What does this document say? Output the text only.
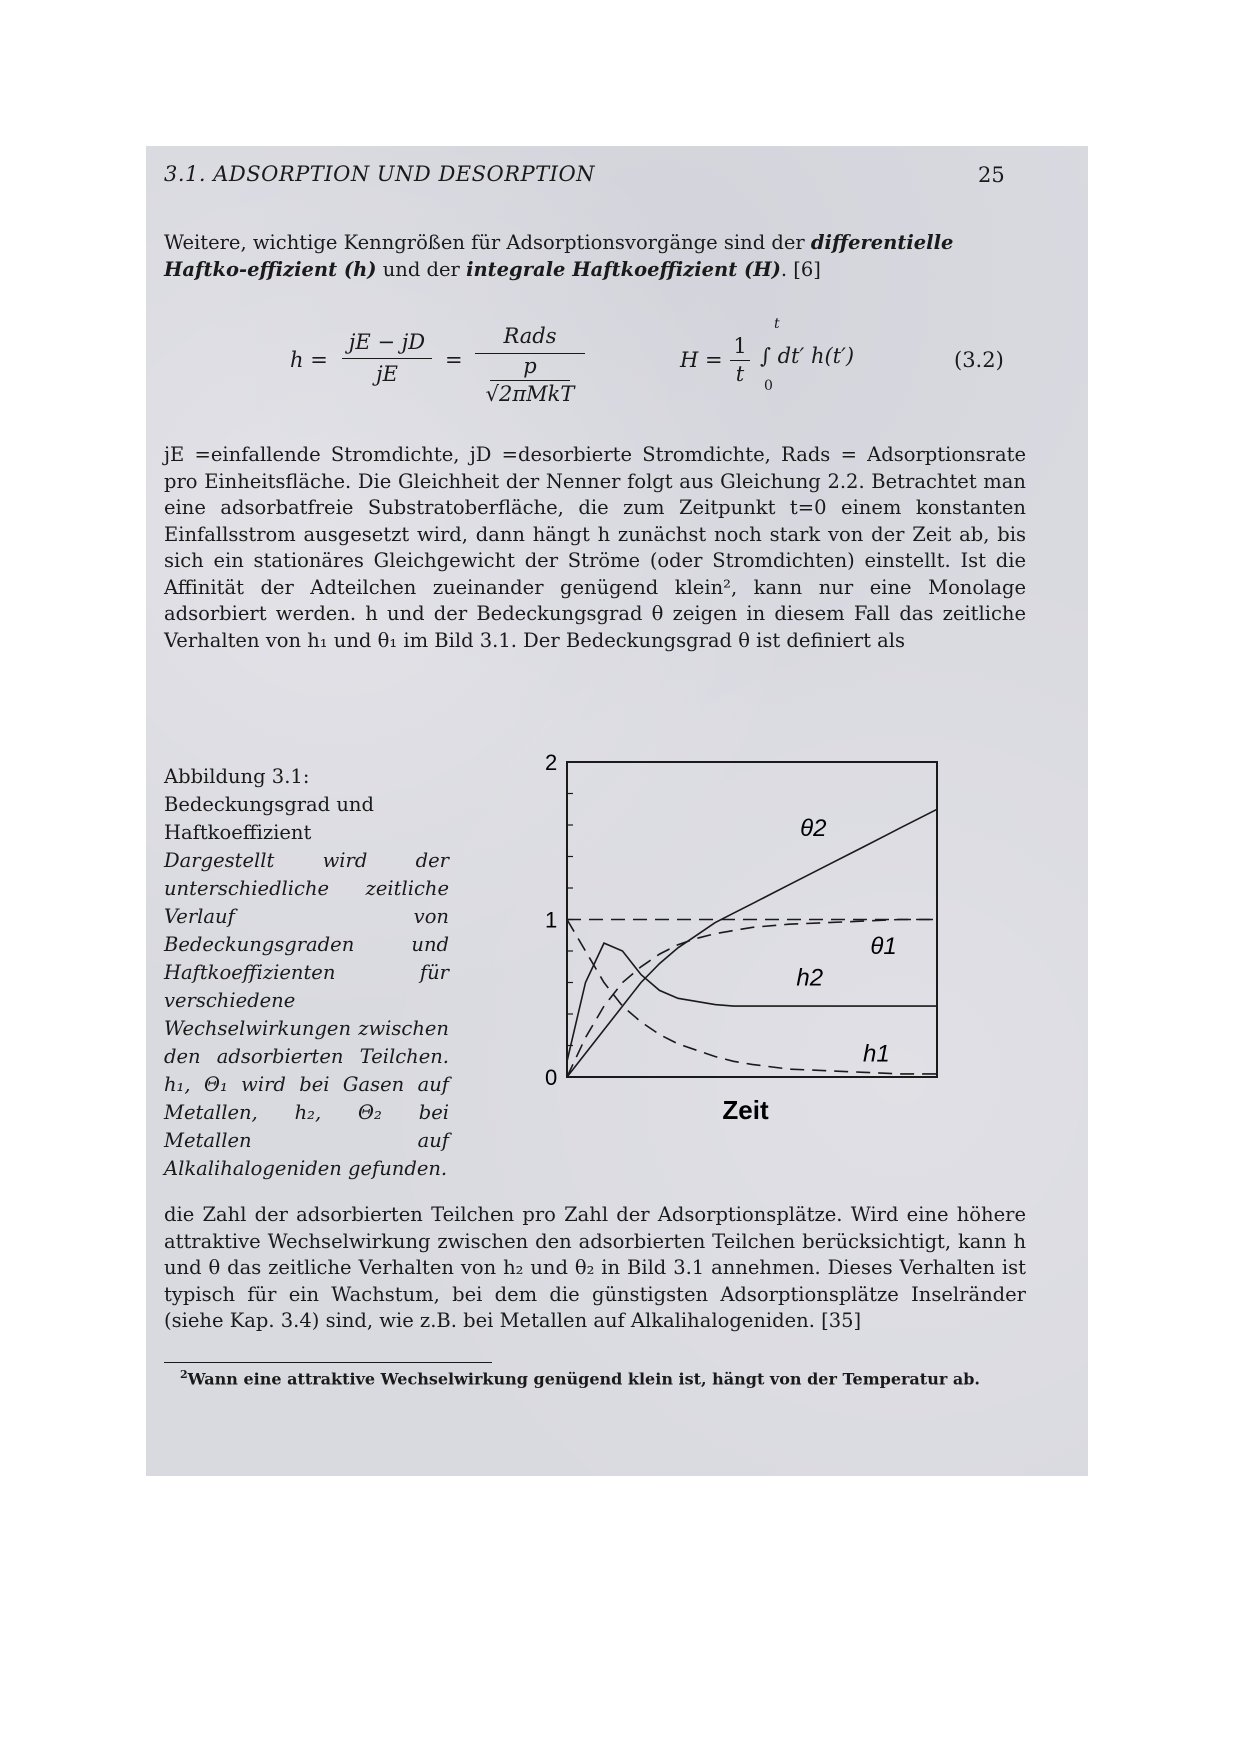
3.1. ADSORPTION UND DESORPTION	25
Weitere, wichtige Kenngrößen für Adsorptionsvorgänge sind der differentielle Haftko-effizient (h) und der integrale Haftkoeffizient (H). [6]
h =
jE − jD
jE
=
Rads
p
√2πMkT
H =
1
t
t
∫ dt′ h(t′)
0
(3.2)
jE =einfallende Stromdichte, jD =desorbierte Stromdichte, Rads = Adsorptionsrate pro Einheitsfläche. Die Gleichheit der Nenner folgt aus Gleichung 2.2. Betrachtet man eine adsorbatfreie Substratoberfläche, die zum Zeitpunkt t=0 einem konstanten Einfallsstrom ausgesetzt wird, dann hängt h zunächst noch stark von der Zeit ab, bis sich ein stationäres Gleichgewicht der Ströme (oder Stromdichten) einstellt. Ist die Affinität der Adteilchen zueinander genügend klein², kann nur eine Monolage adsorbiert werden. h und der Bedeckungsgrad θ zeigen in diesem Fall das zeitliche Verhalten von h₁ und θ₁ im Bild 3.1. Der Bedeckungsgrad θ ist definiert als
Abbildung 3.1:
Bedeckungsgrad und Haftkoeffizient
Dargestellt wird der unterschiedliche zeitliche Verlauf von Bedeckungsgraden und Haftkoeffizienten für verschiedene Wechselwirkungen zwischen den adsorbierten Teilchen. h₁, Θ₁ wird bei Gasen auf Metallen, h₂, Θ₂ bei Metallen auf Alkalihalogeniden gefunden.
0
1
2
θ2
θ1
h2
h1
Zeit
die Zahl der adsorbierten Teilchen pro Zahl der Adsorptionsplätze. Wird eine höhere attraktive Wechselwirkung zwischen den adsorbierten Teilchen berücksichtigt, kann h und θ das zeitliche Verhalten von h₂ und θ₂ in Bild 3.1 annehmen. Dieses Verhalten ist typisch für ein Wachstum, bei dem die günstigsten Adsorptionsplätze Inselränder (siehe Kap. 3.4) sind, wie z.B. bei Metallen auf Alkalihalogeniden. [35]
$^2$Wann eine attraktive Wechselwirkung genügend klein ist, hängt von der Temperatur ab.
